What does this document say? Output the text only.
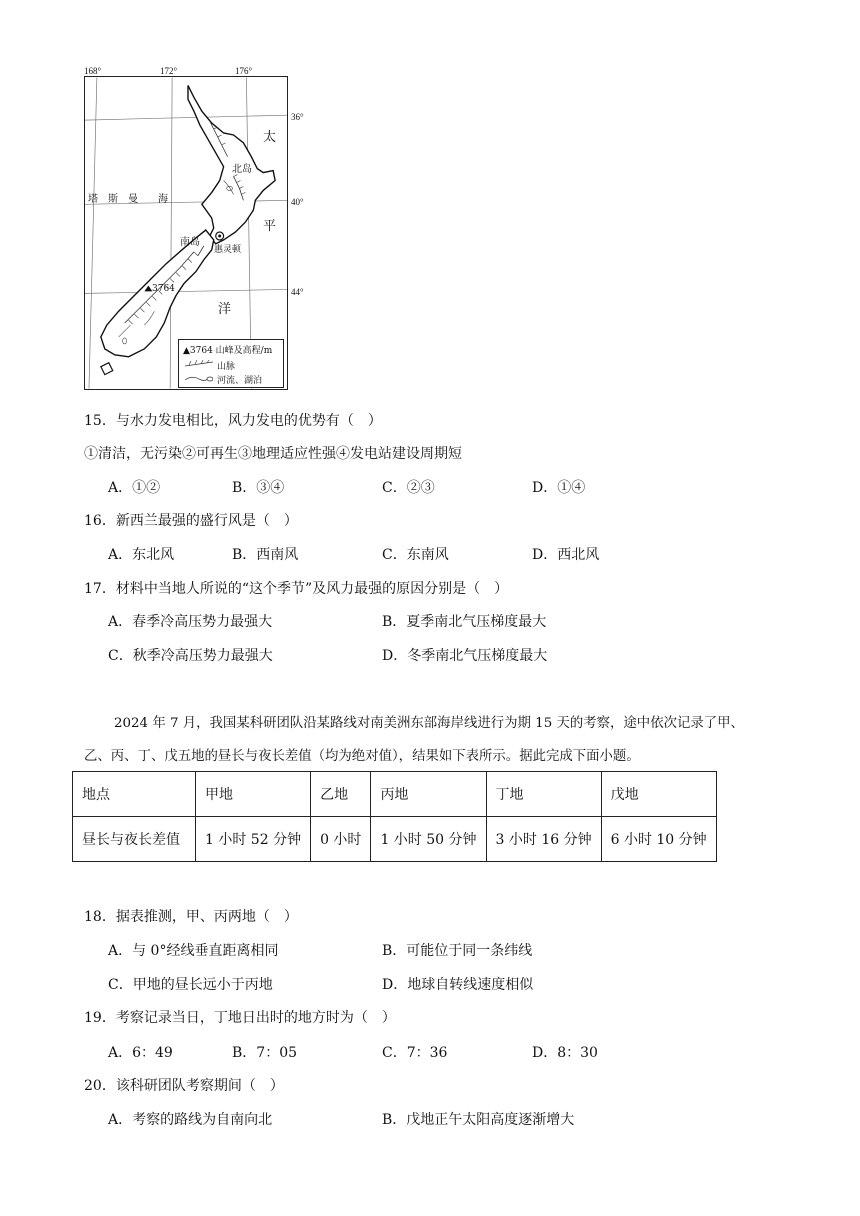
168°	172°	176°
36°
40°
44°
太
平
洋
塔　斯　曼　　海
北岛
南岛
惠灵顿
3764
▲3764 山峰及高程/m
山脉
河流、湖泊
15．与水力发电相比，风力发电的优势有（　）
①清洁，无污染②可再生③地理适应性强④发电站建设周期短
A．①②	B．③④	C．②③	D．①④
16．新西兰最强的盛行风是（　）
A．东北风	B．西南风	C．东南风	D．西北风
17．材料中当地人所说的“这个季节”及风力最强的原因分别是（　）
A．春季冷高压势力最强大	B．夏季南北气压梯度最大
C．秋季冷高压势力最强大	D．冬季南北气压梯度最大
2024 年 7 月，我国某科研团队沿某路线对南美洲东部海岸线进行为期 15 天的考察，途中依次记录了甲、
乙、丙、丁、戊五地的昼长与夜长差值（均为绝对值），结果如下表所示。据此完成下面小题。
地点	甲地	乙地	丙地	丁地	戊地
昼长与夜长差值	1 小时 52 分钟	0 小时	1 小时 50 分钟	3 小时 16 分钟	6 小时 10 分钟
18．据表推测，甲、丙两地（　）
A．与 0°经线垂直距离相同	B．可能位于同一条纬线
C．甲地的昼长远小于丙地	D．地球自转线速度相似
19．考察记录当日，丁地日出时的地方时为（　）
A．6：49	B．7：05	C．7：36	D．8：30
20．该科研团队考察期间（　）
A．考察的路线为自南向北	B．戊地正午太阳高度逐渐增大
